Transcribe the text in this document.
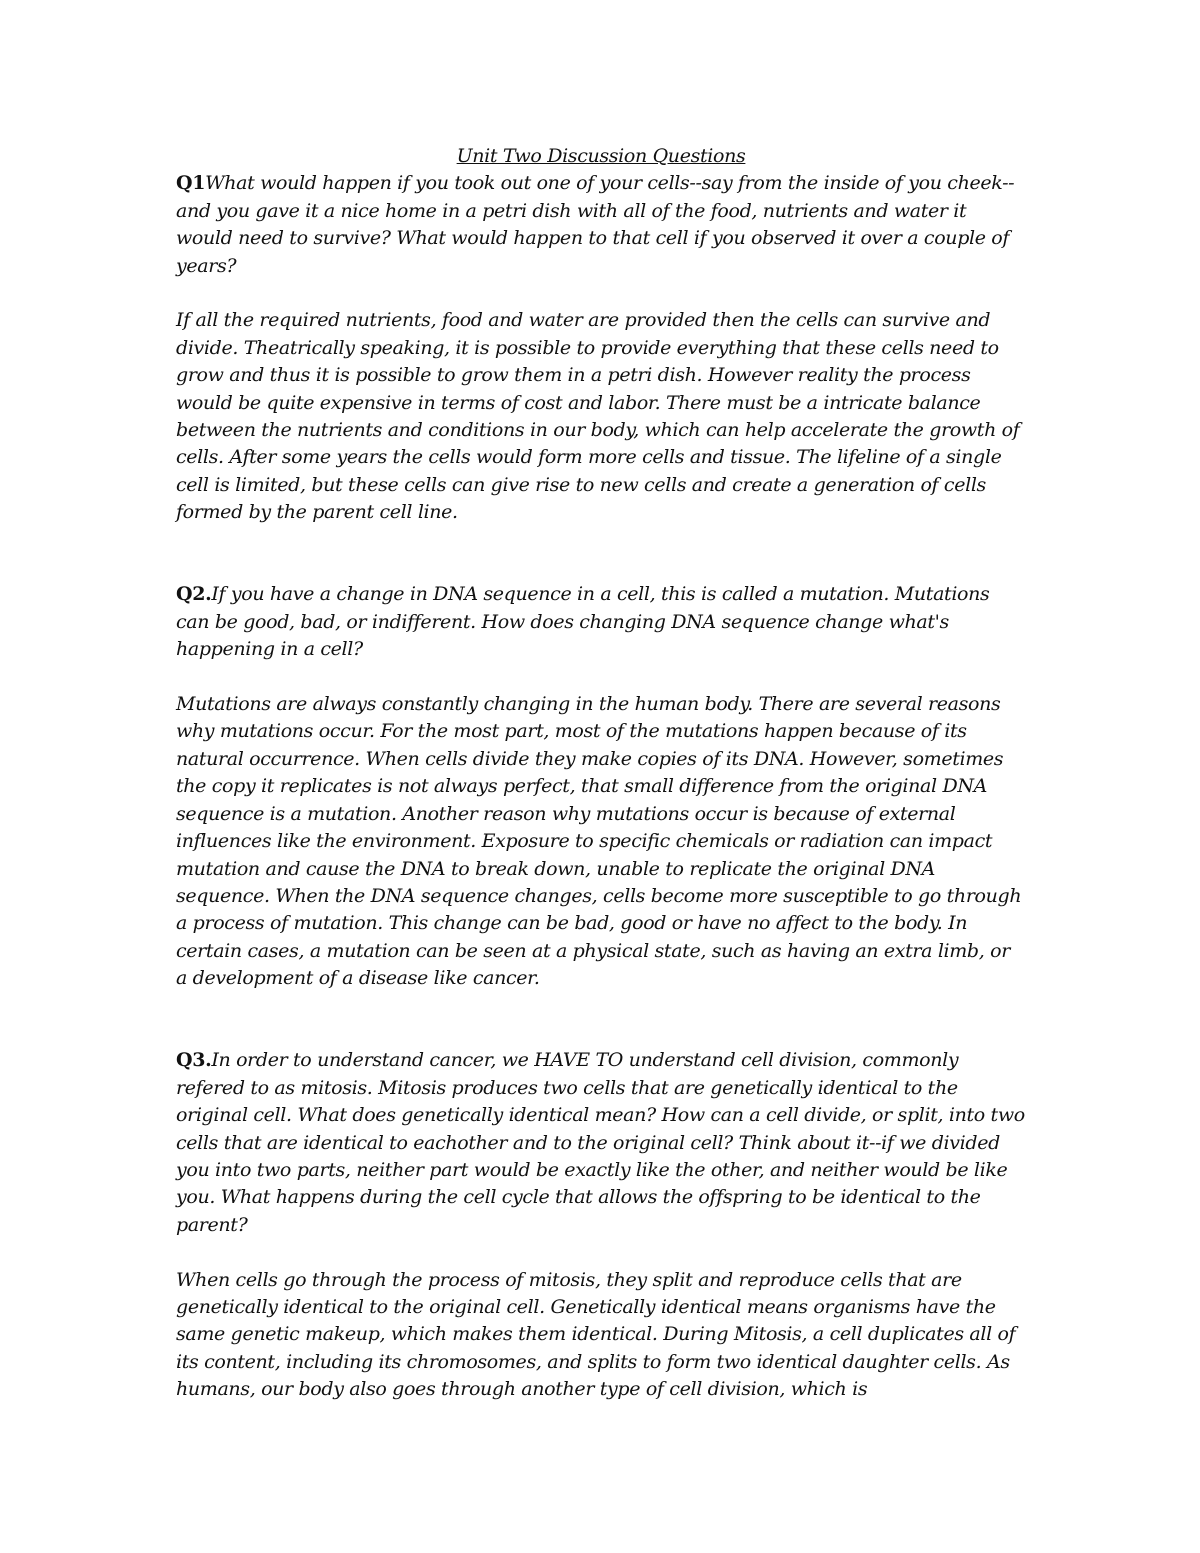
Unit Two Discussion Questions

Q1What would happen if you took out one of your cells--say from the inside of you cheek--and you gave it a nice home in a petri dish with all of the food, nutrients and water it would need to survive? What would happen to that cell if you observed it over a couple of years?

If all the required nutrients, food and water are provided then the cells can survive and divide. Theatrically speaking, it is possible to provide everything that these cells need to grow and thus it is possible to grow them in a petri dish. However reality the process would be quite expensive in terms of cost and labor. There must be a intricate balance between the nutrients and conditions in our body, which can help accelerate the growth of cells. After some years the cells would form more cells and tissue. The lifeline of a single cell is limited, but these cells can give rise to new cells and create a generation of cells formed by the parent cell line.

Q2.If you have a change in DNA sequence in a cell, this is called a mutation. Mutations can be good, bad, or indifferent. How does changing DNA sequence change what's happening in a cell?

Mutations are always constantly changing in the human body. There are several reasons why mutations occur. For the most part, most of the mutations happen because of its natural occurrence. When cells divide they make copies of its DNA. However, sometimes the copy it replicates is not always perfect, that small difference from the original DNA sequence is a mutation. Another reason why mutations occur is because of external influences like the environment. Exposure to specific chemicals or radiation can impact mutation and cause the DNA to break down, unable to replicate the original DNA sequence. When the DNA sequence changes, cells become more susceptible to go through a process of mutation. This change can be bad, good or have no affect to the body. In certain cases, a mutation can be seen at a physical state, such as having an extra limb, or a development of a disease like cancer.

Q3.In order to understand cancer, we HAVE TO understand cell division, commonly refered to as mitosis. Mitosis produces two cells that are genetically identical to the original cell. What does genetically identical mean? How can a cell divide, or split, into two cells that are identical to eachother and to the original cell? Think about it--if we divided you into two parts, neither part would be exactly like the other, and neither would be like you. What happens during the cell cycle that allows the offspring to be identical to the parent?

When cells go through the process of mitosis, they split and reproduce cells that are genetically identical to the original cell. Genetically identical means organisms have the same genetic makeup, which makes them identical. During Mitosis, a cell duplicates all of its content, including its chromosomes, and splits to form two identical daughter cells. As humans, our body also goes through another type of cell division, which is
